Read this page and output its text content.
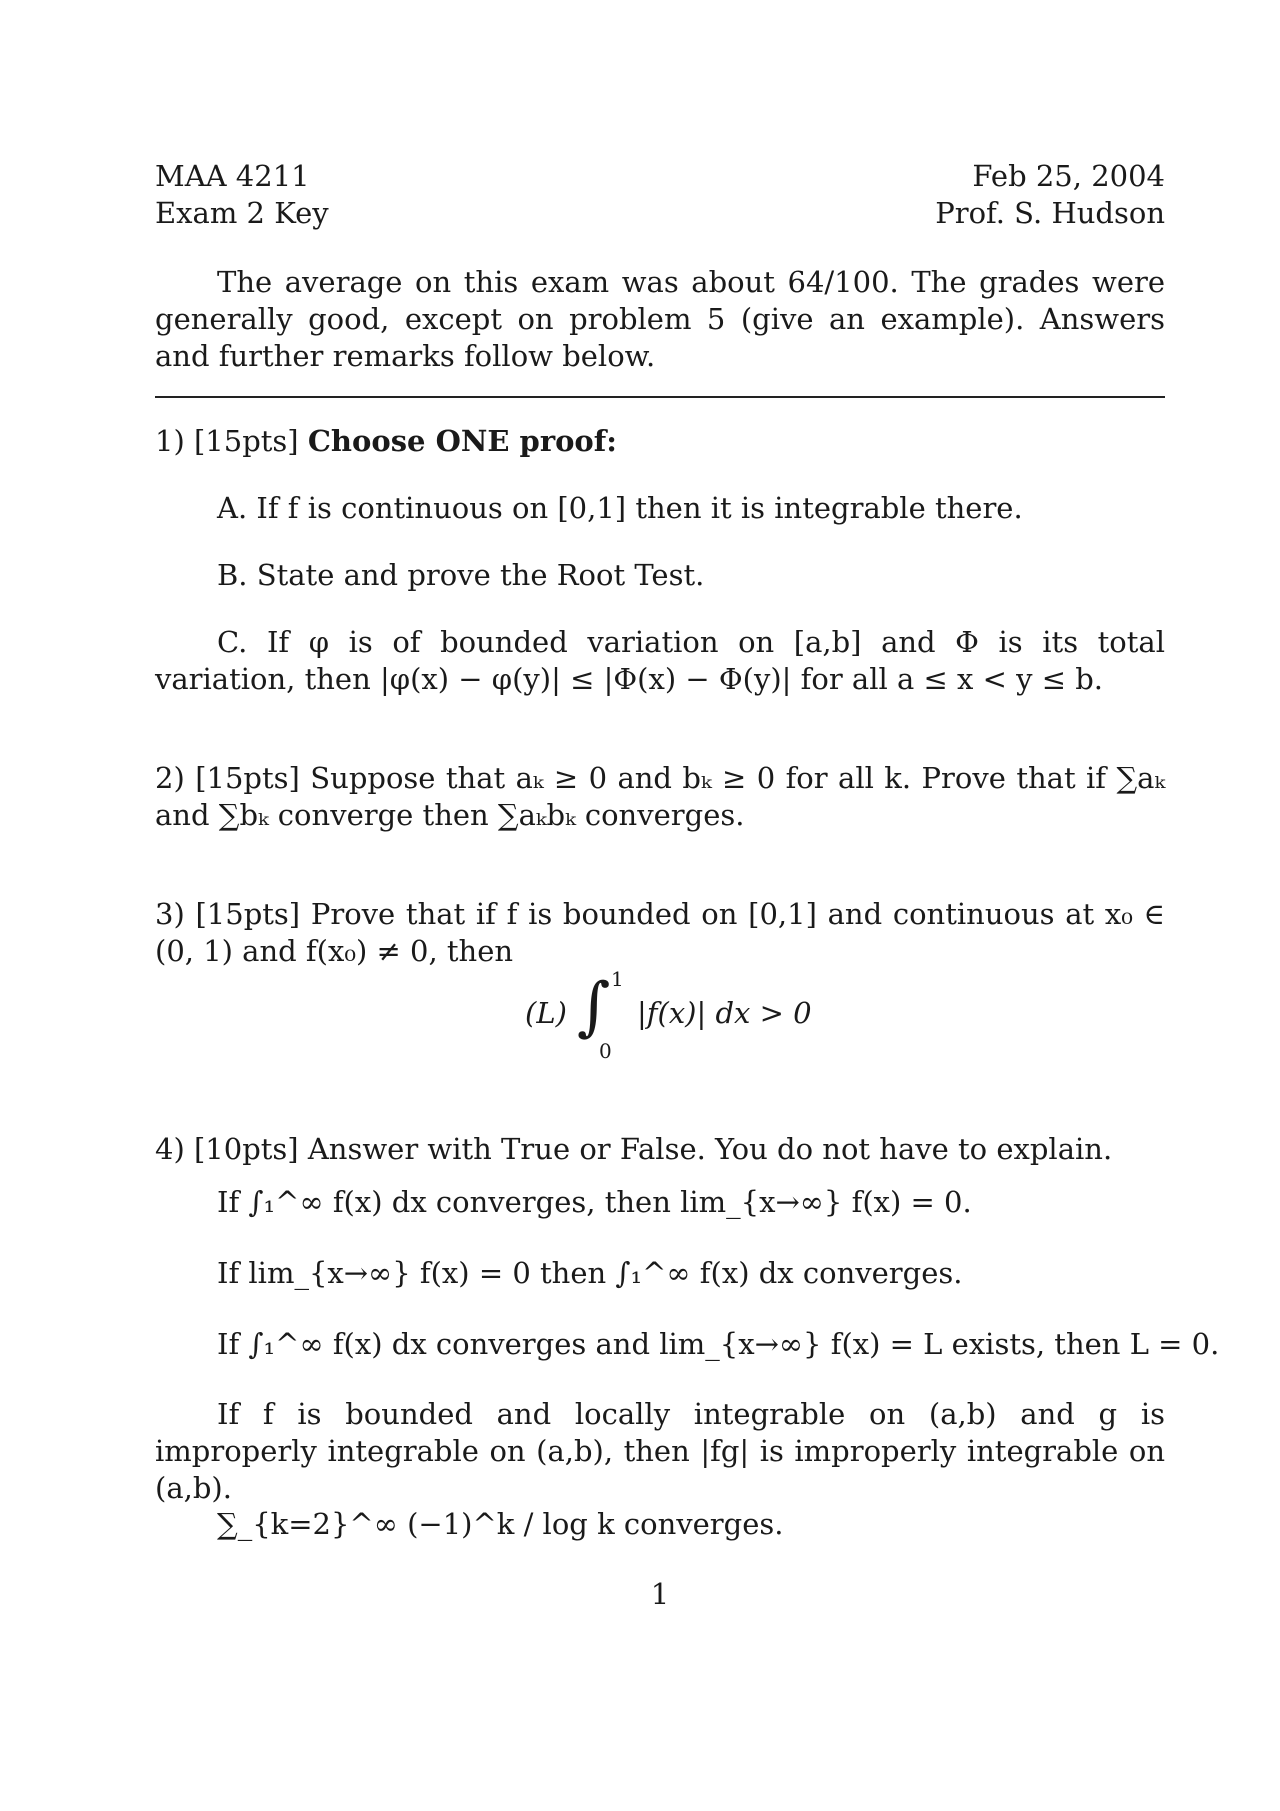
MAA 4211
Exam 2 Key
Feb 25, 2004
Prof. S. Hudson
The average on this exam was about 64/100. The grades were generally good, except on problem 5 (give an example). Answers and further remarks follow below.
1) [15pts] Choose ONE proof:
A. If f is continuous on [0,1] then it is integrable there.
B. State and prove the Root Test.
C. If φ is of bounded variation on [a,b] and Φ is its total variation, then |φ(x) − φ(y)| ≤ |Φ(x) − Φ(y)| for all a ≤ x < y ≤ b.
2) [15pts] Suppose that aₖ ≥ 0 and bₖ ≥ 0 for all k. Prove that if ∑aₖ and ∑bₖ converge then ∑aₖbₖ converges.
3) [15pts] Prove that if f is bounded on [0,1] and continuous at x₀ ∈ (0, 1) and f(x₀) ≠ 0, then
(L) ∫ 1
0
|f(x)| dx > 0
4) [10pts] Answer with True or False. You do not have to explain.
If ∫₁^∞ f(x) dx converges, then lim_{x→∞} f(x) = 0.
If lim_{x→∞} f(x) = 0 then ∫₁^∞ f(x) dx converges.
If ∫₁^∞ f(x) dx converges and lim_{x→∞} f(x) = L exists, then L = 0.
If f is bounded and locally integrable on (a,b) and g is improperly integrable on (a,b), then |fg| is improperly integrable on (a,b).
∑_{k=2}^∞ (−1)^k / log k converges.
1
